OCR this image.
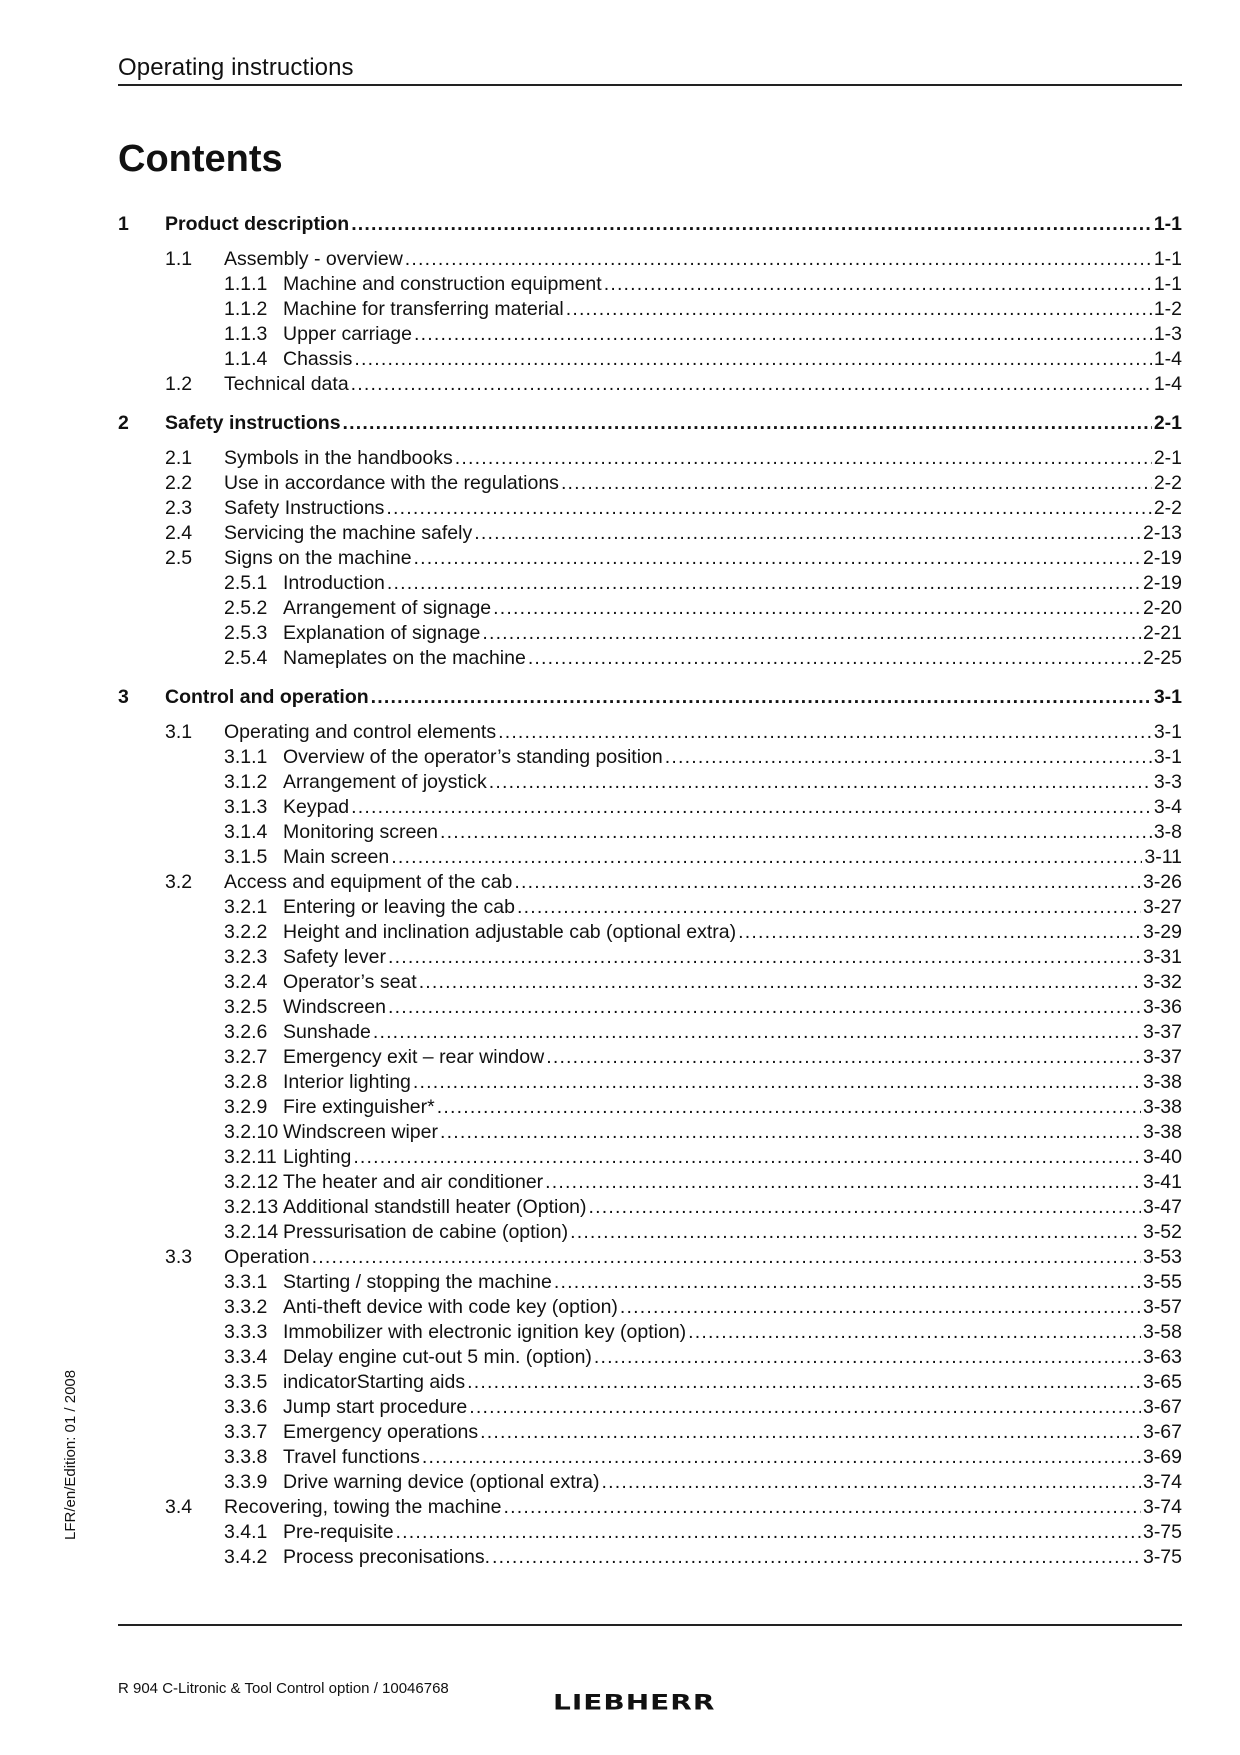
Operating instructions
Contents
1	Product description .....	1-1
1.1	Assembly - overview .....	1-1
1.1.1 Machine and construction equipment .....	1-1
1.1.2 Machine for transferring material .....	1-2
1.1.3 Upper carriage .....	1-3
1.1.4 Chassis .....	1-4
1.2	Technical data .....	1-4
2	Safety instructions .....	2-1
2.1	Symbols in the handbooks .....	2-1
2.2	Use in accordance with the regulations .....	2-2
2.3	Safety Instructions .....	2-2
2.4	Servicing the machine safely .....	2-13
2.5	Signs on the machine .....	2-19
2.5.1 Introduction .....	2-19
2.5.2 Arrangement of signage .....	2-20
2.5.3 Explanation of signage .....	2-21
2.5.4 Nameplates on the machine .....	2-25
3	Control and operation .....	3-1
3.1	Operating and control elements .....	3-1
3.1.1 Overview of the operator’s standing position .....	3-1
3.1.2 Arrangement of joystick .....	3-3
3.1.3 Keypad .....	3-4
3.1.4 Monitoring screen .....	3-8
3.1.5 Main screen .....	3-11
3.2	Access and equipment of the cab .....	3-26
3.2.1 Entering or leaving the cab .....	3-27
3.2.2 Height and inclination adjustable cab (optional extra) .....	3-29
3.2.3 Safety lever .....	3-31
3.2.4 Operator’s seat .....	3-32
3.2.5 Windscreen .....	3-36
3.2.6 Sunshade .....	3-37
3.2.7 Emergency exit – rear window .....	3-37
3.2.8 Interior lighting .....	3-38
3.2.9 Fire extinguisher* .....	3-38
3.2.10 Windscreen wiper .....	3-38
3.2.11 Lighting .....	3-40
3.2.12 The heater and air conditioner .....	3-41
3.2.13 Additional standstill heater (Option) .....	3-47
3.2.14 Pressurisation de cabine (option) .....	3-52
3.3	Operation .....	3-53
3.3.1 Starting / stopping the machine .....	3-55
3.3.2 Anti-theft device with code key (option) .....	3-57
3.3.3 Immobilizer with electronic ignition key (option) .....	3-58
3.3.4 Delay engine cut-out 5 min. (option) .....	3-63
3.3.5 indicatorStarting aids .....	3-65
3.3.6 Jump start procedure .....	3-67
3.3.7 Emergency operations .....	3-67
3.3.8 Travel functions .....	3-69
3.3.9 Drive warning device (optional extra) .....	3-74
3.4	Recovering, towing the machine .....	3-74
3.4.1 Pre-requisite .....	3-75
3.4.2 Process preconisations. .....	3-75
LFR/en/Edition: 01 / 2008
R 904 C-Litronic & Tool Control option / 10046768
LIEBHERR
